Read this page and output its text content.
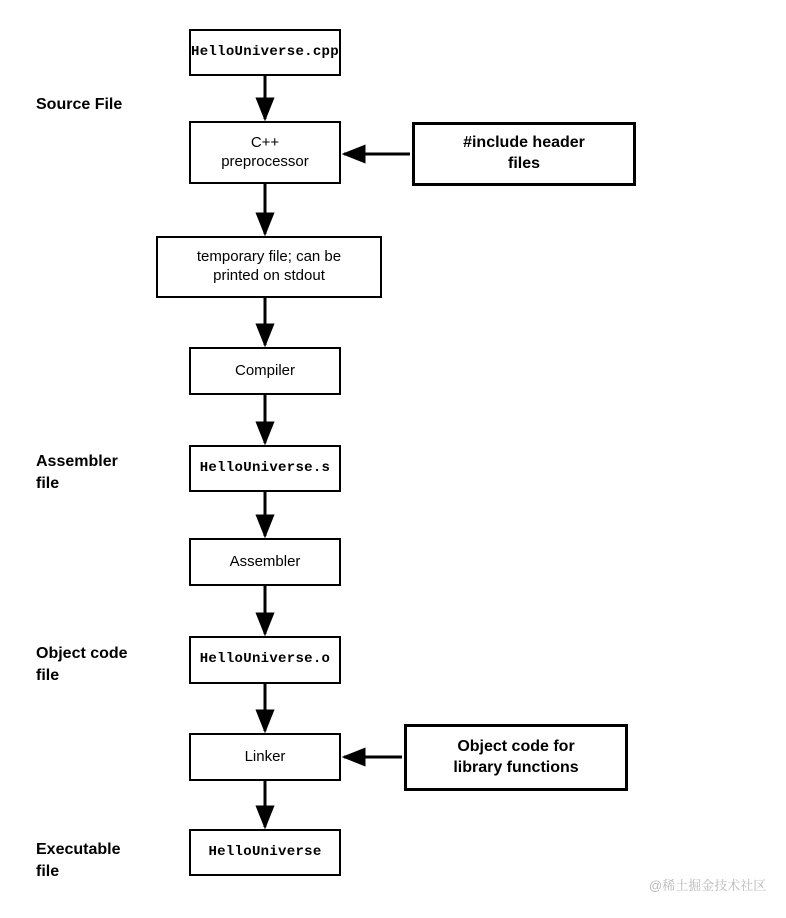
HelloUniverse.cpp
C++
preprocessor
#include header
files
temporary file; can be
printed on stdout
Compiler
HelloUniverse.s
Assembler
HelloUniverse.o
Linker
Object code for
library functions
HelloUniverse
Source File
Assembler
file
Object code
file
Executable
file
@稀土掘金技术社区
